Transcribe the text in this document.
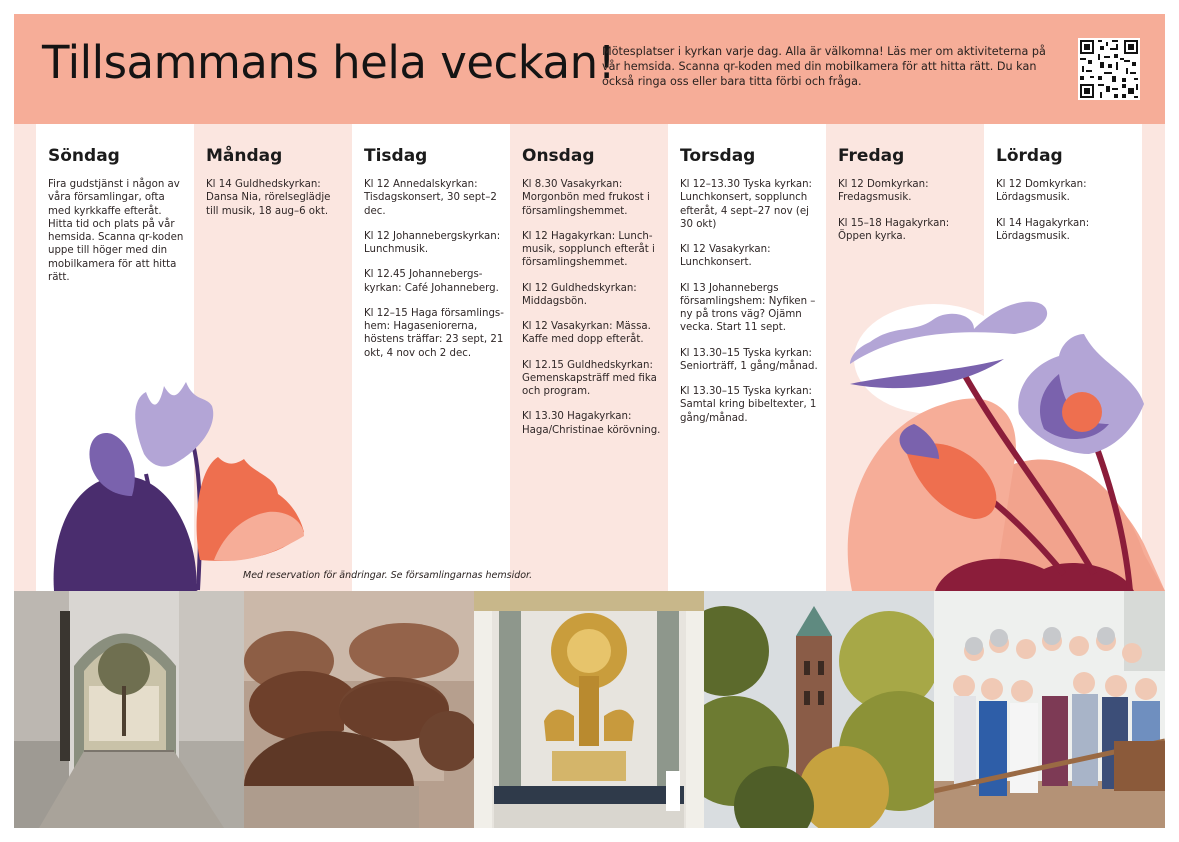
Tillsammans hela veckan!
Mötesplatser i kyrkan varje dag. Alla är välkomna! Läs mer om aktiviteterna på vår hemsida. Scanna qr-koden med din mobilkamera för att hitta rätt. Du kan också ringa oss eller bara titta förbi och fråga.
Söndag
Fira gudstjänst i någon av våra församlingar, ofta med kyrkkaffe efteråt. Hitta tid och plats på vår hemsida. Scanna qr-koden uppe till höger med din mobilkamera för att hitta rätt.
Måndag
Kl 14 Guldhedskyrkan: Dansa Nia, rörelseglädje till musik, 18 aug–6 okt.
Tisdag
Kl 12 Annedalskyrkan: Tisdagskonsert, 30 sept–2 dec.
Kl 12 Johannebergskyrkan: Lunchmusik.
Kl 12.45 Johannebergs-kyrkan: Café Johanneberg.
Kl 12–15 Haga församlings-hem: Hagaseniorerna, höstens träffar: 23 sept, 21 okt, 4 nov och 2 dec.
Onsdag
Kl 8.30 Vasakyrkan: Morgonbön med frukost i församlingshemmet.
Kl 12 Hagakyrkan: Lunch-musik, sopplunch efteråt i församlingshemmet.
Kl 12 Guldhedskyrkan: Middagsbön.
Kl 12 Vasakyrkan: Mässa. Kaffe med dopp efteråt.
Kl 12.15 Guldhedskyrkan: Gemenskapsträff med fika och program.
Kl 13.30 Hagakyrkan: Haga/Christinae körövning.
Torsdag
Kl 12–13.30 Tyska kyrkan: Lunchkonsert, sopplunch efteråt, 4 sept–27 nov (ej 30 okt)
Kl 12 Vasakyrkan: Lunchkonsert.
Kl 13 Johannebergs församlingshem: Nyfiken – ny på trons väg? Ojämn vecka. Start 11 sept.
Kl 13.30–15 Tyska kyrkan: Seniorträff, 1 gång/månad.
Kl 13.30–15 Tyska kyrkan: Samtal kring bibeltexter, 1 gång/månad.
Fredag
Kl 12 Domkyrkan: Fredagsmusik.
Kl 15–18 Hagakyrkan: Öppen kyrka.
Lördag
Kl 12 Domkyrkan: Lördagsmusik.
Kl 14 Hagakyrkan: Lördagsmusik.
Med reservation för ändringar. Se församlingarnas hemsidor.
